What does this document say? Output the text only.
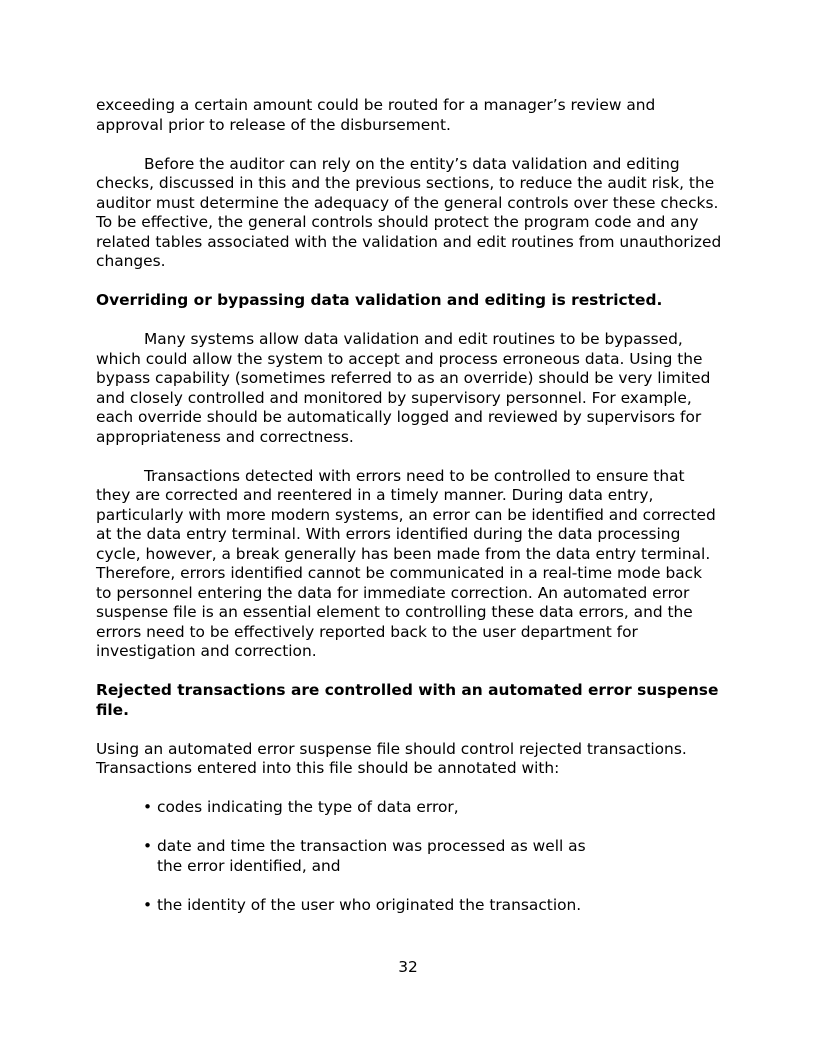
exceeding a certain amount could be routed for a manager’s review and approval prior to release of the disbursement.

Before the auditor can rely on the entity’s data validation and editing checks, discussed in this and the previous sections, to reduce the audit risk, the auditor must determine the adequacy of the general controls over these checks. To be effective, the general controls should protect the program code and any related tables associated with the validation and edit routines from unauthorized changes.

Overriding or bypassing data validation and editing is restricted.

Many systems allow data validation and edit routines to be bypassed, which could allow the system to accept and process erroneous data. Using the bypass capability (sometimes referred to as an override) should be very limited and closely controlled and monitored by supervisory personnel. For example, each override should be automatically logged and reviewed by supervisors for appropriateness and correctness.

Transactions detected with errors need to be controlled to ensure that they are corrected and reentered in a timely manner. During data entry, particularly with more modern systems, an error can be identified and corrected at the data entry terminal. With errors identified during the data processing cycle, however, a break generally has been made from the data entry terminal. Therefore, errors identified cannot be communicated in a real-time mode back to personnel entering the data for immediate correction. An automated error suspense file is an essential element to controlling these data errors, and the errors need to be effectively reported back to the user department for investigation and correction.

Rejected transactions are controlled with an automated error suspense file.

Using an automated error suspense file should control rejected transactions. Transactions entered into this file should be annotated with:

• codes indicating the type of data error,
• date and time the transaction was processed as well as the error identified, and
• the identity of the user who originated the transaction.
32
